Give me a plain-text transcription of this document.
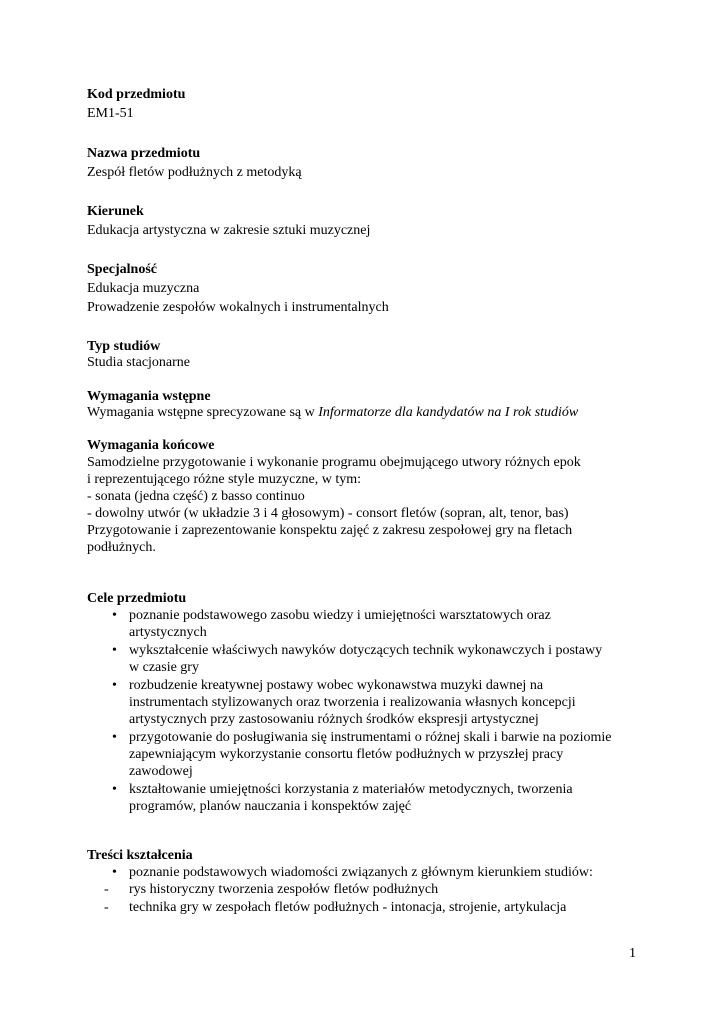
Kod przedmiotu
EM1-51
Nazwa przedmiotu
Zespół fletów podłużnych z metodyką
Kierunek
Edukacja artystyczna w zakresie sztuki muzycznej
Specjalność
Edukacja muzyczna
Prowadzenie zespołów wokalnych i instrumentalnych
Typ studiów
Studia stacjonarne
Wymagania wstępne
Wymagania wstępne sprecyzowane są w Informatorze dla kandydatów na I rok studiów
Wymagania końcowe
Samodzielne przygotowanie i wykonanie programu obejmującego utwory różnych epok
i reprezentującego różne style muzyczne, w tym:
- sonata (jedna część) z basso continuo
- dowolny utwór (w układzie 3 i 4 głosowym) - consort fletów (sopran, alt, tenor, bas)
Przygotowanie i zaprezentowanie konspektu zajęć z zakresu zespołowej gry na fletach
podłużnych.
Cele przedmiotu
• poznanie podstawowego zasobu wiedzy i umiejętności warsztatowych oraz
artystycznych
• wykształcenie właściwych nawyków dotyczących technik wykonawczych i postawy
w czasie gry
• rozbudzenie kreatywnej postawy wobec wykonawstwa muzyki dawnej na
instrumentach stylizowanych oraz tworzenia i realizowania własnych koncepcji
artystycznych przy zastosowaniu różnych środków ekspresji artystycznej
• przygotowanie do posługiwania się instrumentami o różnej skali i barwie na poziomie
zapewniającym wykorzystanie consortu fletów podłużnych w przyszłej pracy
zawodowej
• kształtowanie umiejętności korzystania z materiałów metodycznych, tworzenia
programów, planów nauczania i konspektów zajęć
Treści kształcenia
• poznanie podstawowych wiadomości związanych z głównym kierunkiem studiów:
- rys historyczny tworzenia zespołów fletów podłużnych
- technika gry w zespołach fletów podłużnych - intonacja, strojenie, artykulacja
1
